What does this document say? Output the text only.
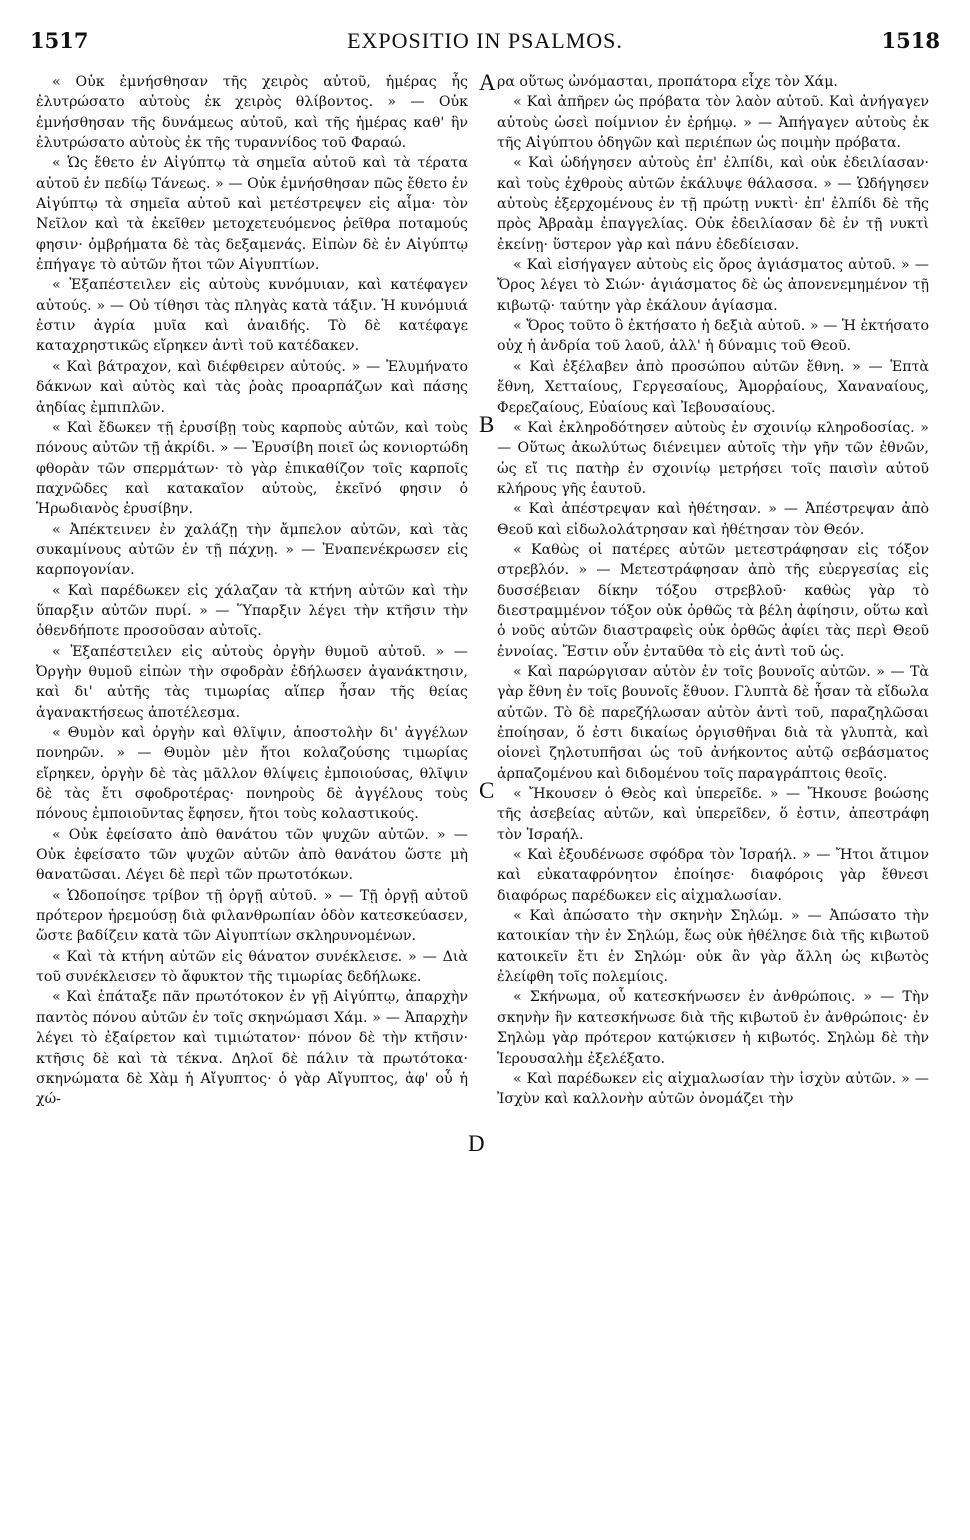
1517	EXPOSITIO IN PSALMOS.	1518
A
B
C
D

« Οὐκ ἐμνήσθησαν τῆς χειρὸς αὐτοῦ, ἡμέρας ἧς ἐλυτρώσατο αὐτοὺς ἐκ χειρὸς θλίβοντος. » — Οὐκ ἐμνήσθησαν τῆς δυνάμεως αὐτοῦ, καὶ τῆς ἡμέρας καθ' ἣν ἐλυτρώσατο αὐτοὺς ἐκ τῆς τυραννίδος τοῦ Φαραώ.

« Ὡς ἔθετο ἐν Αἰγύπτῳ τὰ σημεῖα αὐτοῦ καὶ τὰ τέρατα αὐτοῦ ἐν πεδίῳ Τάνεως. » — Οὐκ ἐμνήσθησαν πῶς ἔθετο ἐν Αἰγύπτῳ τὰ σημεῖα αὐτοῦ καὶ μετέστρεψεν εἰς αἷμα· τὸν Νεῖλον καὶ τὰ ἐκεῖθεν μετοχετευόμενος ῥεῖθρα ποταμούς φησιν· ὀμβρήματα δὲ τὰς δεξαμενάς. Εἰπὼν δὲ ἐν Αἰγύπτῳ ἐπήγαγε τὸ αὐτῶν ἤτοι τῶν Αἰγυπτίων.

« Ἐξαπέστειλεν εἰς αὐτοὺς κυνόμυιαν, καὶ κατέφαγεν αὐτούς. » — Οὐ τίθησι τὰς πληγὰς κατὰ τάξιν. Ἡ κυνόμυιά ἐστιν ἀγρία μυῖα καὶ ἀναιδής. Τὸ δὲ κατέφαγε καταχρηστικῶς εἴρηκεν ἀντὶ τοῦ κατέδακεν.

« Καὶ βάτραχον, καὶ διέφθειρεν αὐτούς. » — Ἐλυμήνατο δάκνων καὶ αὐτὸς καὶ τὰς ῥοὰς προαρπάζων καὶ πάσης ἀηδίας ἐμπιπλῶν.

« Καὶ ἔδωκεν τῇ ἐρυσίβῃ τοὺς καρποὺς αὐτῶν, καὶ τοὺς πόνους αὐτῶν τῇ ἀκρίδι. » — Ἐρυσίβη ποιεῖ ὡς κονιορτώδη φθορὰν τῶν σπερμάτων· τὸ γὰρ ἐπικαθίζον τοῖς καρποῖς παχνῶδες καὶ κατακαῖον αὐτοὺς, ἐκεῖνό φησιν ὁ Ἡρωδιανὸς ἐρυσίβην.

« Ἀπέκτεινεν ἐν χαλάζῃ τὴν ἄμπελον αὐτῶν, καὶ τὰς συκαμίνους αὐτῶν ἐν τῇ πάχνῃ. » — Ἐναπενέκρωσεν εἰς καρπογονίαν.

« Καὶ παρέδωκεν εἰς χάλαζαν τὰ κτήνη αὐτῶν καὶ τὴν ὕπαρξιν αὐτῶν πυρί. » — Ὕπαρξιν λέγει τὴν κτῆσιν τὴν ὁθενδήποτε προσοῦσαν αὐτοῖς.

« Ἐξαπέστειλεν εἰς αὐτοὺς ὀργὴν θυμοῦ αὐτοῦ. » — Ὀργὴν θυμοῦ εἰπὼν τὴν σφοδρὰν ἐδήλωσεν ἀγανάκτησιν, καὶ δι' αὐτῆς τὰς τιμωρίας αἵπερ ἦσαν τῆς θείας ἀγανακτήσεως ἀποτέλεσμα.

« Θυμὸν καὶ ὀργὴν καὶ θλῖψιν, ἀποστολὴν δι' ἀγγέλων πονηρῶν. » — Θυμὸν μὲν ἤτοι κολαζούσης τιμωρίας εἴρηκεν, ὀργὴν δὲ τὰς μᾶλλον θλίψεις ἐμποιούσας, θλῖψιν δὲ τὰς ἔτι σφοδροτέρας· πονηροὺς δὲ ἀγγέλους τοὺς πόνους ἐμποιοῦντας ἔφησεν, ἤτοι τοὺς κολαστικούς.

« Οὐκ ἐφείσατο ἀπὸ θανάτου τῶν ψυχῶν αὐτῶν. » — Οὐκ ἐφείσατο τῶν ψυχῶν αὐτῶν ἀπὸ θανάτου ὥστε μὴ θανατῶσαι. Λέγει δὲ περὶ τῶν πρωτοτόκων.

« Ὡδοποίησε τρίβον τῇ ὀργῇ αὐτοῦ. » — Τῇ ὀργῇ αὐτοῦ πρότερον ἠρεμούσῃ διὰ φιλανθρωπίαν ὁδὸν κατεσκεύασεν, ὥστε βαδίζειν κατὰ τῶν Αἰγυπτίων σκληρυνομένων.

« Καὶ τὰ κτήνη αὐτῶν εἰς θάνατον συνέκλεισε. » — Διὰ τοῦ συνέκλεισεν τὸ ἄφυκτον τῆς τιμωρίας δεδήλωκε.

« Καὶ ἐπάταξε πᾶν πρωτότοκον ἐν γῇ Αἰγύπτῳ, ἀπαρχὴν παντὸς πόνου αὐτῶν ἐν τοῖς σκηνώμασι Χάμ. » — Ἀπαρχὴν λέγει τὸ ἐξαίρετον καὶ τιμιώτατον· πόνον δὲ τὴν κτῆσιν· κτῆσις δὲ καὶ τὰ τέκνα. Δηλοῖ δὲ πάλιν τὰ πρωτότοκα· σκηνώματα δὲ Χὰμ ἡ Αἴγυπτος· ὁ γὰρ Αἴγυπτος, ἀφ' οὗ ἡ χώ-

ρα οὕτως ὠνόμασται, προπάτορα εἶχε τὸν Χάμ.

« Καὶ ἀπῆρεν ὡς πρόβατα τὸν λαὸν αὐτοῦ. Καὶ ἀνήγαγεν αὐτοὺς ὡσεὶ ποίμνιον ἐν ἐρήμῳ. » — Ἀπήγαγεν αὐτοὺς ἐκ τῆς Αἰγύπτου ὁδηγῶν καὶ περιέπων ὡς ποιμὴν πρόβατα.

« Καὶ ὡδήγησεν αὐτοὺς ἐπ' ἐλπίδι, καὶ οὐκ ἐδειλίασαν· καὶ τοὺς ἐχθροὺς αὐτῶν ἐκάλυψε θάλασσα. » — Ὡδήγησεν αὐτοὺς ἐξερχομένους ἐν τῇ πρώτῃ νυκτὶ· ἐπ' ἐλπίδι δὲ τῆς πρὸς Ἀβραὰμ ἐπαγγελίας. Οὐκ ἐδειλίασαν δὲ ἐν τῇ νυκτὶ ἐκείνῃ· ὕστερον γὰρ καὶ πάνυ ἐδεδίεισαν.

« Καὶ εἰσήγαγεν αὐτοὺς εἰς ὄρος ἁγιάσματος αὐτοῦ. » — Ὄρος λέγει τὸ Σιών· ἁγιάσματος δὲ ὡς ἀπονενεμημένον τῇ κιβωτῷ· ταύτην γὰρ ἐκάλουν ἁγίασμα.

« Ὄρος τοῦτο ὃ ἐκτήσατο ἡ δεξιὰ αὐτοῦ. » — Ἡ ἐκτήσατο οὐχ ἡ ἀνδρία τοῦ λαοῦ, ἀλλ' ἡ δύναμις τοῦ Θεοῦ.

« Καὶ ἐξέλαβεν ἀπὸ προσώπου αὐτῶν ἔθνη. » — Ἑπτὰ ἔθνη, Χετταίους, Γεργεσαίους, Ἀμορῥαίους, Χαναναίους, Φερεζαίους, Εὐαίους καὶ Ἰεβουσαίους.

« Καὶ ἐκληροδότησεν αὐτοὺς ἐν σχοινίῳ κληροδοσίας. » — Οὕτως ἀκωλύτως διένειμεν αὐτοῖς τὴν γῆν τῶν ἐθνῶν, ὡς εἴ τις πατὴρ ἐν σχοινίῳ μετρήσει τοῖς παισὶν αὐτοῦ κλήρους γῆς ἑαυτοῦ.

« Καὶ ἀπέστρεψαν καὶ ἠθέτησαν. » — Ἀπέστρεψαν ἀπὸ Θεοῦ καὶ εἰδωλολάτρησαν καὶ ἠθέτησαν τὸν Θεόν.

« Καθὼς οἱ πατέρες αὐτῶν μετεστράφησαν εἰς τόξον στρεβλόν. » — Μετεστράφησαν ἀπὸ τῆς εὐεργεσίας εἰς δυσσέβειαν δίκην τόξου στρεβλοῦ· καθὼς γὰρ τὸ διεστραμμένον τόξον οὐκ ὀρθῶς τὰ βέλη ἀφίησιν, οὕτω καὶ ὁ νοῦς αὐτῶν διαστραφεὶς οὐκ ὀρθῶς ἀφίει τὰς περὶ Θεοῦ ἐννοίας. Ἔστιν οὖν ἐνταῦθα τὸ εἰς ἀντὶ τοῦ ὡς.

« Καὶ παρώργισαν αὐτὸν ἐν τοῖς βουνοῖς αὐτῶν. » — Τὰ γὰρ ἔθνη ἐν τοῖς βουνοῖς ἔθυον. Γλυπτὰ δὲ ἦσαν τὰ εἴδωλα αὐτῶν. Τὸ δὲ παρεζήλωσαν αὐτὸν ἀντὶ τοῦ, παραζηλῶσαι ἐποίησαν, ὅ ἐστι δικαίως ὀργισθῆναι διὰ τὰ γλυπτὰ, καὶ οἱονεὶ ζηλοτυπῆσαι ὡς τοῦ ἀνήκοντος αὐτῷ σεβάσματος ἁρπαζομένου καὶ διδομένου τοῖς παραγράπτοις θεοῖς.

« Ἤκουσεν ὁ Θεὸς καὶ ὑπερεῖδε. » — Ἤκουσε βοώσης τῆς ἀσεβείας αὐτῶν, καὶ ὑπερεῖδεν, ὅ ἐστιν, ἀπεστράφη τὸν Ἰσραήλ.

« Καὶ ἐξουδένωσε σφόδρα τὸν Ἰσραήλ. » — Ἤτοι ἄτιμον καὶ εὐκαταφρόνητον ἐποίησε· διαφόροις γὰρ ἔθνεσι διαφόρως παρέδωκεν εἰς αἰχμαλωσίαν.

« Καὶ ἀπώσατο τὴν σκηνὴν Σηλώμ. » — Ἀπώσατο τὴν κατοικίαν τὴν ἐν Σηλώμ, ἕως οὐκ ἠθέλησε διὰ τῆς κιβωτοῦ κατοικεῖν ἔτι ἐν Σηλώμ· οὐκ ἂν γὰρ ἄλλη ὡς κιβωτὸς ἐλείφθη τοῖς πολεμίοις.

« Σκήνωμα, οὗ κατεσκήνωσεν ἐν ἀνθρώποις. » — Τὴν σκηνὴν ἣν κατεσκήνωσε διὰ τῆς κιβωτοῦ ἐν ἀνθρώποις· ἐν Σηλὼμ γὰρ πρότερον κατῴκισεν ἡ κιβωτός. Σηλὼμ δὲ τὴν Ἱερουσαλὴμ ἐξελέξατο.

« Καὶ παρέδωκεν εἰς αἰχμαλωσίαν τὴν ἰσχὺν αὐτῶν. » — Ἰσχὺν καὶ καλλονὴν αὐτῶν ὀνομάζει τὴν
